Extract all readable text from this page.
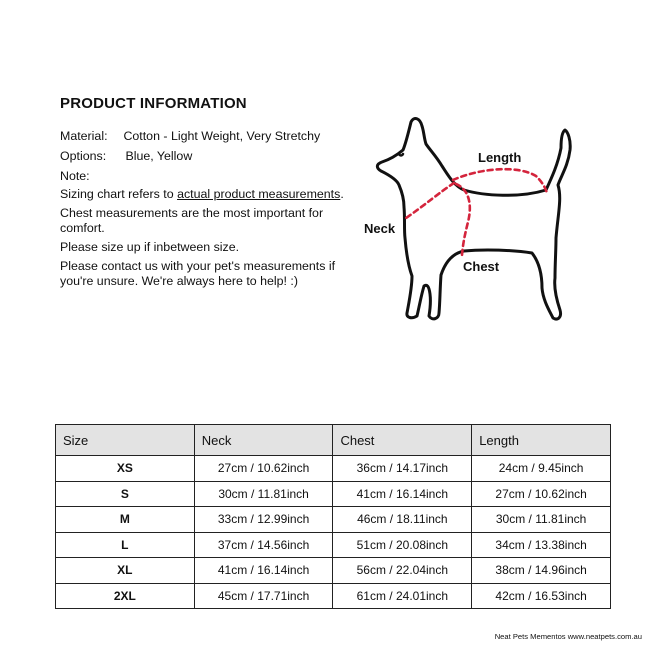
PRODUCT INFORMATION
Material: Cotton - Light Weight, Very Stretchy
Options: Blue, Yellow
Note:
Sizing chart refers to actual product measurements.
Chest measurements are the most important for comfort.
Please size up if inbetween size.
Please contact us with your pet's measurements if you're unsure. We're always here to help! :)
Length
Neck
Chest
Size	Neck	Chest	Length
XS	27cm / 10.62inch	36cm / 14.17inch	24cm / 9.45inch
S	30cm / 11.81inch	41cm / 16.14inch	27cm / 10.62inch
M	33cm / 12.99inch	46cm / 18.11inch	30cm / 11.81inch
L	37cm / 14.56inch	51cm / 20.08inch	34cm / 13.38inch
XL	41cm / 16.14inch	56cm / 22.04inch	38cm / 14.96inch
2XL	45cm / 17.71inch	61cm / 24.01inch	42cm / 16.53inch
Neat Pets Mementos www.neatpets.com.au
